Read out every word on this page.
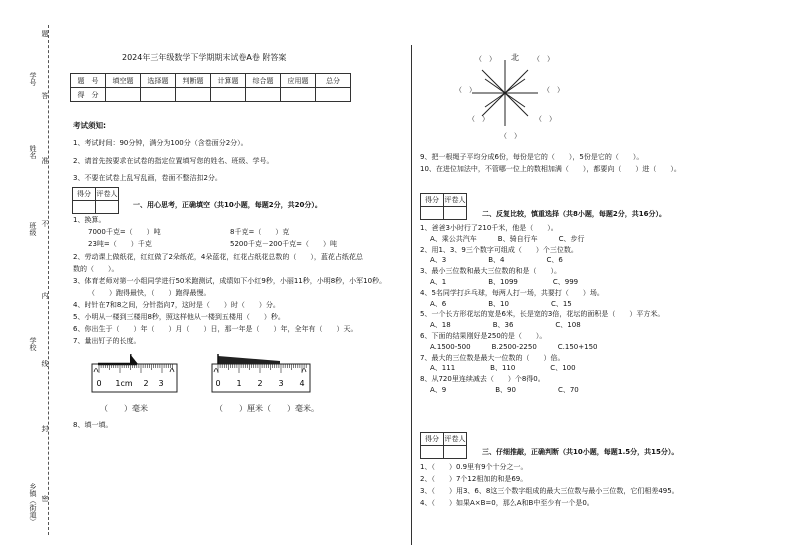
学号
姓名
班级
学校
乡镇（街道）
题
答
准
不
内
线
封
密
2024年三年级数学下学期期末试卷A卷 附答案
题　号	填空题	选择题	判断题	计算题	综合题	应用题	总分
得　分							
考试须知:
1、考试时间：90分钟，满分为100分（含卷面分2分）。
2、请首先按要求在试卷的指定位置填写您的姓名、班级、学号。
3、不要在试卷上乱写乱画，卷面不整洁扣2分。
得分	评卷人

一、用心思考，正确填空（共10小题，每题2分，共20分）。
1、换算。
7000千克=（　　）吨	8千克=（　　）克
23吨=（　　）千克	5200千克－200千克=（　　）吨
2、劳动课上做纸花，红红做了2朵纸花，4朵蓝花，红花占纸花总数的（　　），蓝花占纸花总
数的（　　）。
3、体育老师对第一小组同学进行50米跑测试，成绩如下小红9秒，小丽11秒，小明8秒，小军10秒。
（　　）跑得最快，（　　）跑得最慢。
4、时针在7和8之间，分针指向7，这时是（　　）时（　　）分。
5、小明从一楼到三楼用8秒，照这样他从一楼到五楼用（　　）秒。
6、你出生于（　　）年（　　）月（　　）日，那一年是（　　）年，全年有（　　）天。
7、量出钉子的长度。
0 1cm 2 3
（　　）毫米
0 1 2 3 4
（　　）厘米（　　）毫米。
8、填一填。
北
（　）	（　）
（　）	（　）
（　）	（　）
（　）
9、把一根绳子平均分成6份，每份是它的（　　），5份是它的（　　）。
10、在进位加法中，不管哪一位上的数相加满（　　），都要向（　　）进（　　）。
得分	评卷人

二、反复比较，慎重选择（共8小题，每题2分，共16分）。
1、爸爸3小时行了210千米，他是（　　）。
A、乘公共汽车　　　B、骑自行车　　　C、步行
2、用1、3、9三个数字可组成（　　）个三位数。
A、3　　　　　　B、4　　　　　　C、6
3、最小三位数和最大三位数的和是（　　）。
A、1　　　　　　B、1099　　　　　C、999
4、5名同学打乒乓球，每两人打一场，共要打（　　）场。
A、6　　　　　　B、10　　　　　　C、15
5、一个长方形花坛的宽是6米，长是宽的3倍，花坛的面积是（　　）平方米。
A、18　　　　　　B、36　　　　　　C、108
6、下面的结果刚好是250的是（　　）。
A.1500-500　　　B.2500-2250　　　C.150+150
7、最大的三位数是最大一位数的（　　）倍。
A、111　　　　　B、110　　　　　C、100
8、从720里连续减去（　　）个8得0。
A、9　　　　　　　B、90　　　　　　C、70
得分	评卷人

三、仔细推敲，正确判断（共10小题，每题1.5分，共15分）。
1、（　　）0.9里有9个十分之一。
2、（　　）7个12相加的和是69。
3、（　　）用3、6、8这三个数字组成的最大三位数与最小三位数，它们相差495。
4、（　　）如果A×B=0，那么A和B中至少有一个是0。
